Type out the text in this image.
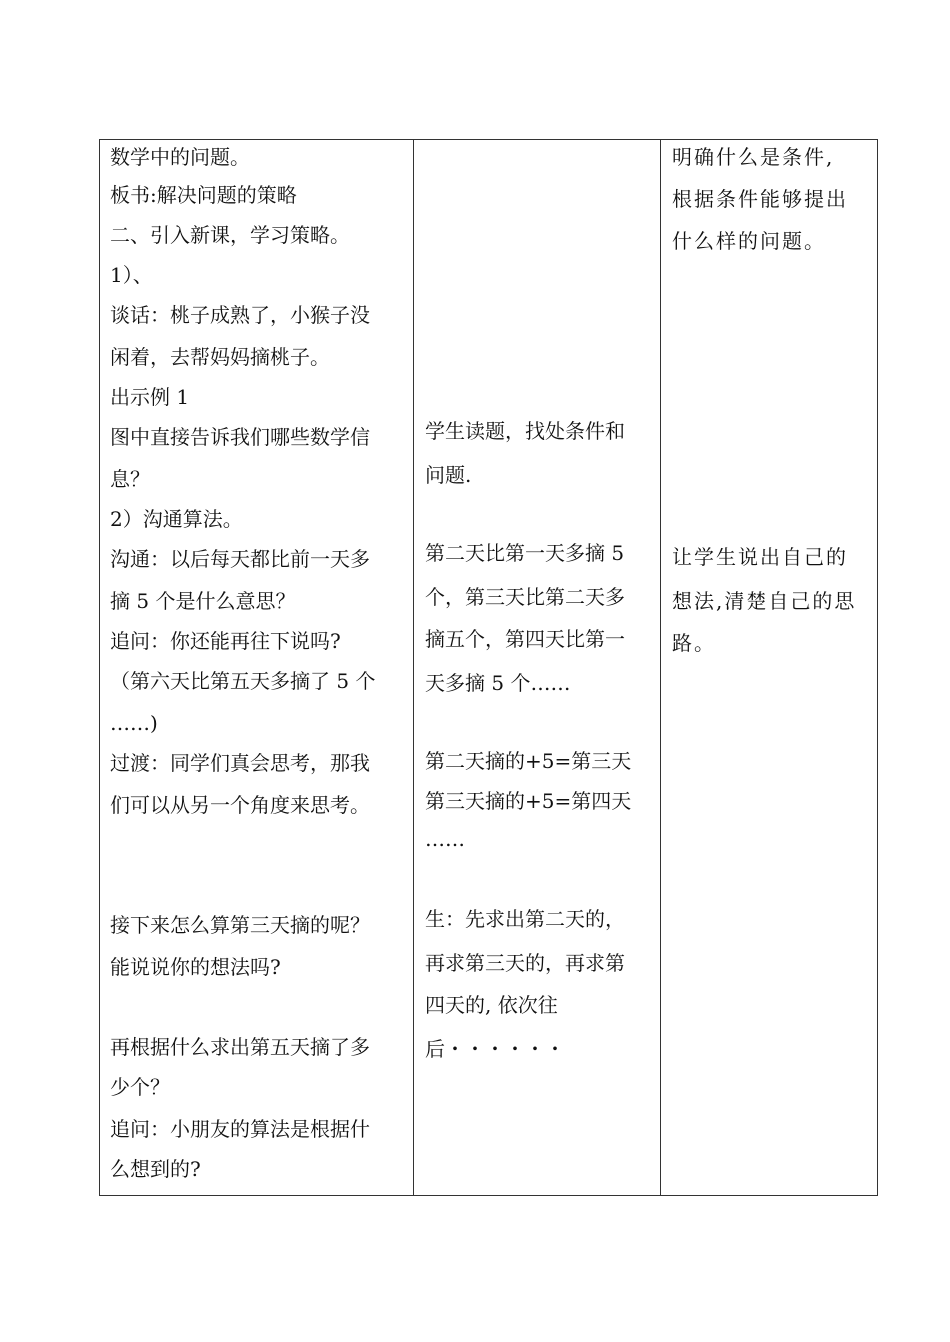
数学中的问题。
板书:解决问题的策略
二、引入新课，学习策略。
1）、
谈话：桃子成熟了，小猴子没
闲着，去帮妈妈摘桃子。
出示例 1
图中直接告诉我们哪些数学信
息？
2）沟通算法。
沟通：以后每天都比前一天多
摘 5 个是什么意思？
追问：你还能再往下说吗?
（第六天比第五天多摘了 5 个
……)
过渡：同学们真会思考，那我
们可以从另一个角度来思考。
接下来怎么算第三天摘的呢？
能说说你的想法吗?
再根据什么求出第五天摘了多
少个？
追问：小朋友的算法是根据什
么想到的?
学生读题，找处条件和
问题.
第二天比第一天多摘 5
个，第三天比第二天多
摘五个，第四天比第一
天多摘 5 个……
第二天摘的+5=第三天
第三天摘的+5=第四天
……
生：先求出第二天的，
再求第三天的，再求第
四天的, 依次往
后・・・・・・
明确什么是条件,
根据条件能够提出
什么样的问题。
让学生说出自己的
想法,清楚自己的思
路。
